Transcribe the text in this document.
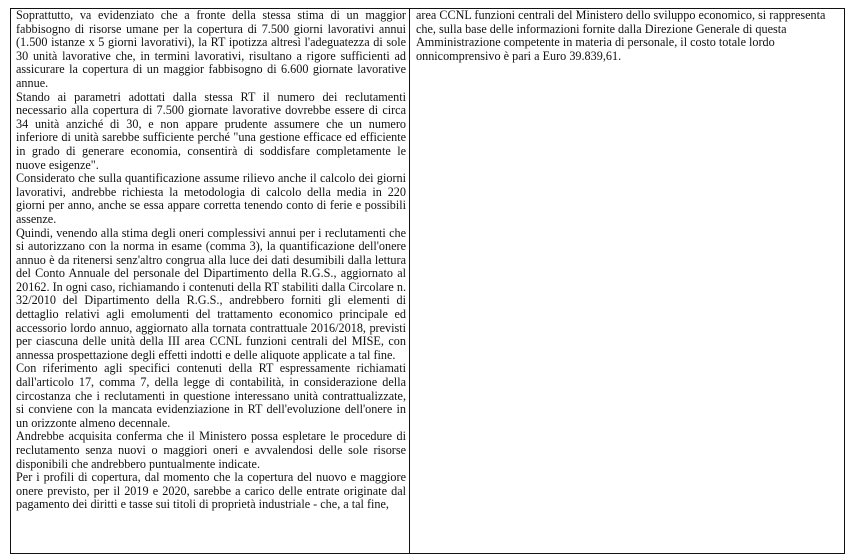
Soprattutto, va evidenziato che a fronte della stessa stima di un maggior fabbisogno di risorse umane per la copertura di 7.500 giorni lavorativi annui (1.500 istanze x 5 giorni lavorativi), la RT ipotizza altresì l'adeguatezza di sole 30 unità lavorative che, in termini lavorativi, risultano a rigore sufficienti ad assicurare la copertura di un maggior fabbisogno di 6.600 giornate lavorative annue.

Stando ai parametri adottati dalla stessa RT il numero dei reclutamenti necessario alla copertura di 7.500 giornate lavorative dovrebbe essere di circa 34 unità anziché di 30, e non appare prudente assumere che un numero inferiore di unità sarebbe sufficiente perché "una gestione efficace ed efficiente in grado di generare economia, consentirà di soddisfare completamente le nuove esigenze".

Considerato che sulla quantificazione assume rilievo anche il calcolo dei giorni lavorativi, andrebbe richiesta la metodologia di calcolo della media in 220 giorni per anno, anche se essa appare corretta tenendo conto di ferie e possibili assenze.

Quindi, venendo alla stima degli oneri complessivi annui per i reclutamenti che si autorizzano con la norma in esame (comma 3), la quantificazione dell'onere annuo è da ritenersi senz'altro congrua alla luce dei dati desumibili dalla lettura del Conto Annuale del personale del Dipartimento della R.G.S., aggiornato al 20162. In ogni caso, richiamando i contenuti della RT stabiliti dalla Circolare n. 32/2010 del Dipartimento della R.G.S., andrebbero forniti gli elementi di dettaglio relativi agli emolumenti del trattamento economico principale ed accessorio lordo annuo, aggiornato alla tornata contrattuale 2016/2018, previsti per ciascuna delle unità della III area CCNL funzioni centrali del MISE, con annessa prospettazione degli effetti indotti e delle aliquote applicate a tal fine.

Con riferimento agli specifici contenuti della RT espressamente richiamati dall'articolo 17, comma 7, della legge di contabilità, in considerazione della circostanza che i reclutamenti in questione interessano unità contrattualizzate, si conviene con la mancata evidenziazione in RT dell'evoluzione dell'onere in un orizzonte almeno decennale.

Andrebbe acquisita conferma che il Ministero possa espletare le procedure di reclutamento senza nuovi o maggiori oneri e avvalendosi delle sole risorse disponibili che andrebbero puntualmente indicate.

Per i profili di copertura, dal momento che la copertura del nuovo e maggiore onere previsto, per il 2019 e 2020, sarebbe a carico delle entrate originate dal pagamento dei diritti e tasse sui titoli di proprietà industriale - che, a tal fine,

area CCNL funzioni centrali del Ministero dello sviluppo economico, si rappresenta che, sulla base delle informazioni fornite dalla Direzione Generale di questa Amministrazione competente in materia di personale, il costo totale lordo onnicomprensivo è pari a Euro 39.839,61.
